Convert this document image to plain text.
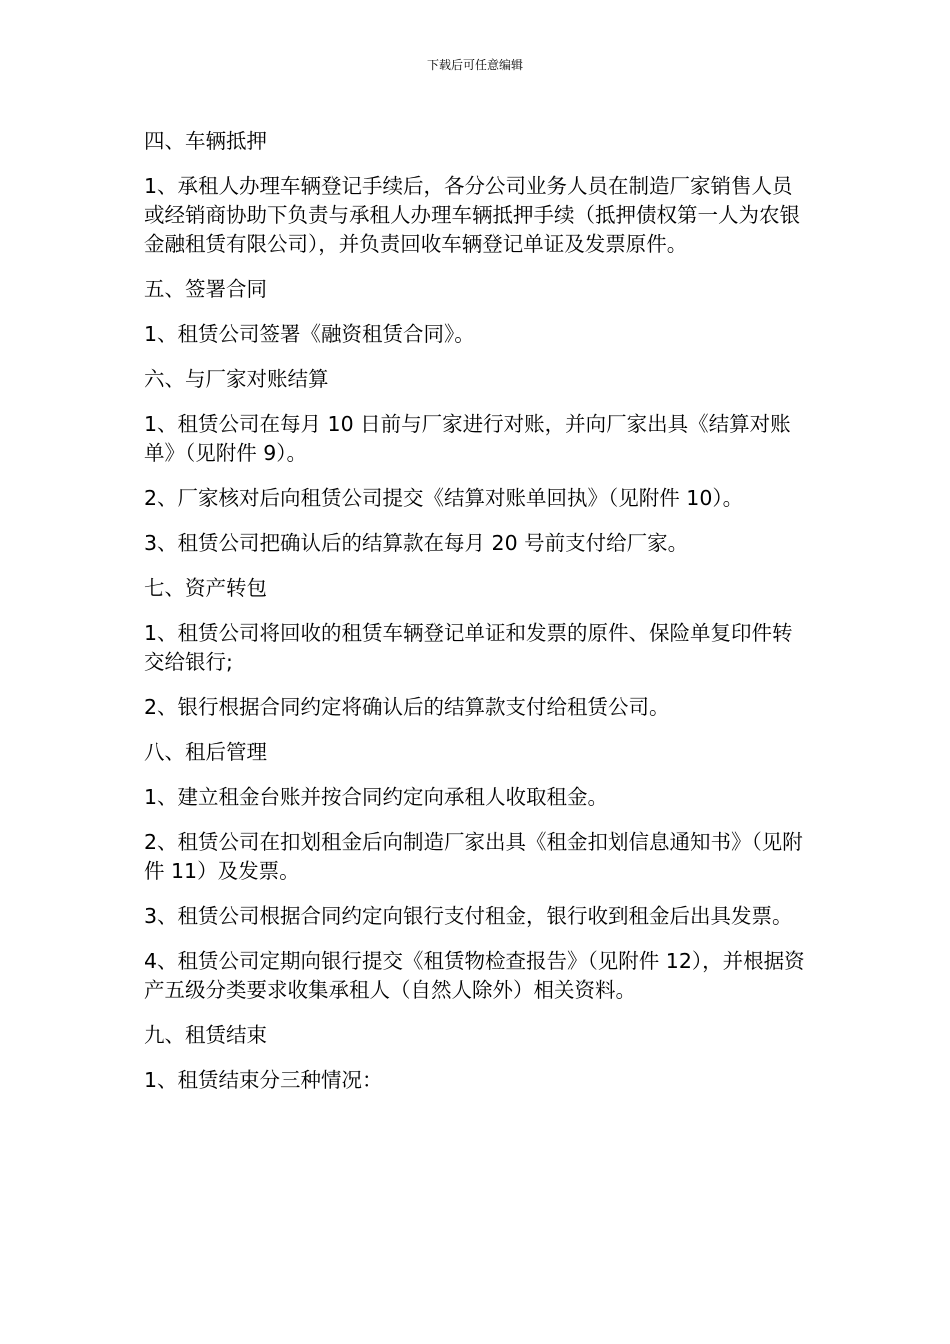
下载后可任意编辑

四、车辆抵押

1、承租人办理车辆登记手续后，各分公司业务人员在制造厂家销售人员或经销商协助下负责与承租人办理车辆抵押手续（抵押债权第一人为农银金融租赁有限公司），并负责回收车辆登记单证及发票原件。

五、签署合同

1、租赁公司签署《融资租赁合同》。

六、与厂家对账结算

1、租赁公司在每月 10 日前与厂家进行对账，并向厂家出具《结算对账单》（见附件 9）。

2、厂家核对后向租赁公司提交《结算对账单回执》（见附件 10）。

3、租赁公司把确认后的结算款在每月 20 号前支付给厂家。

七、资产转包

1、租赁公司将回收的租赁车辆登记单证和发票的原件、保险单复印件转交给银行;

2、银行根据合同约定将确认后的结算款支付给租赁公司。

八、租后管理

1、建立租金台账并按合同约定向承租人收取租金。

2、租赁公司在扣划租金后向制造厂家出具《租金扣划信息通知书》（见附件 11）及发票。

3、租赁公司根据合同约定向银行支付租金，银行收到租金后出具发票。

4、租赁公司定期向银行提交《租赁物检查报告》（见附件 12），并根据资产五级分类要求收集承租人（自然人除外）相关资料。

九、租赁结束

1、租赁结束分三种情况：
